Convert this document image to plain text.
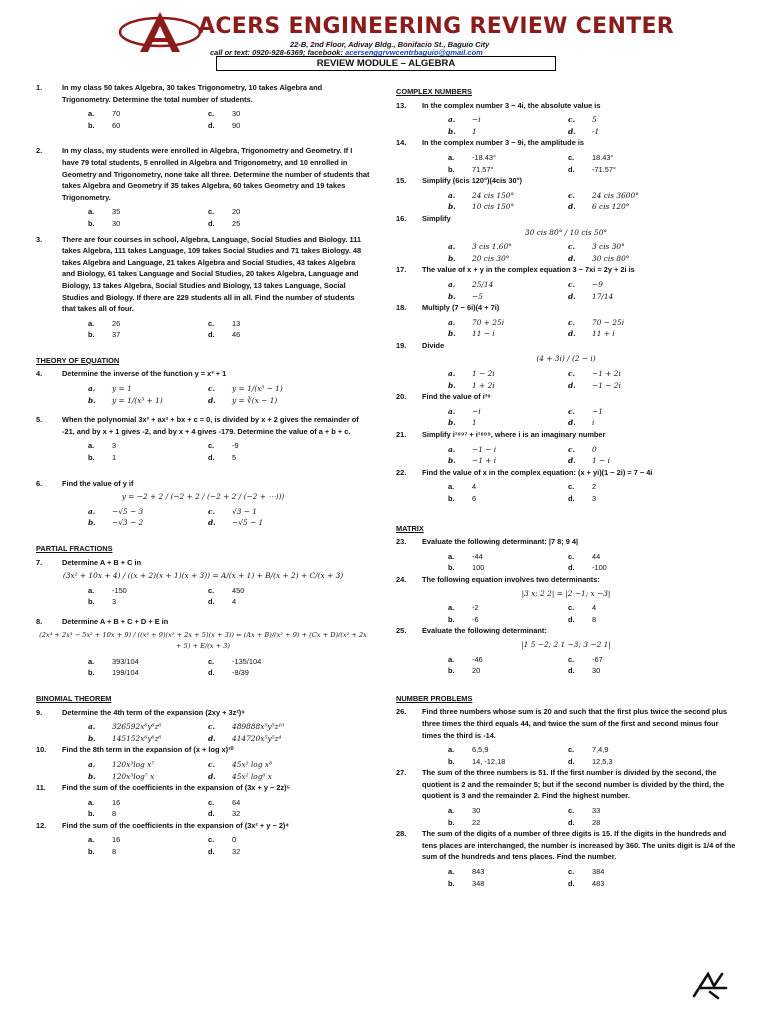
ACERS ENGINEERING REVIEW CENTER
22-B, 2nd Floor, Adivay Bldg., Bonifacio St., Baguio City
call or text: 0920-928-6369; facebook: acersenggrvwcentrbaguio@gmail.com
REVIEW MODULE – ALGEBRA
1.	In my class 50 takes Algebra, 30 takes Trigonometry, 10 takes Algebra and Trigonometry. Determine the total number of students.
a.	70	c.	30
b.	60	d.	90
2.	In my class, my students were enrolled in Algebra, Trigonometry and Geometry. If I have 79 total students, 5 enrolled in Algebra and Trigonometry, and 10 enrolled in Geometry and Trigonometry, none take all three. Determine the number of students that takes Algebra and Geometry if 35 takes Algebra, 60 takes Geometry and 19 takes Trigonometry.
a.	35	c.	20
b.	30	d.	25
3.	There are four courses in school, Algebra, Language, Social Studies and Biology. 111 takes Algebra, 111 takes Language, 109 takes Social Studies and 71 takes Biology. 48 takes Algebra and Language, 21 takes Algebra and Social Studies, 43 takes Algebra and Biology, 61 takes Language and Social Studies, 20 takes Algebra, Language and Biology, 13 takes Algebra, Social Studies and Biology, 13 takes Language, Social Studies and Biology. If there are 229 students all in all. Find the number of students that takes all of four.
a.	26	c.	13
b.	37	d.	46
THEORY OF EQUATION
4.	Determine the inverse of the function y = x³ + 1
a.	y = 1	c.	y = 1/(x³ − 1)
b.	y = 1/(x³ + 1)	d.	y = ∛(x − 1)
5.	When the polynomial 3x³ + ax² + bx + c = 0, is divided by x + 2 gives the remainder of -21, and by x + 1 gives -2, and by x + 4 gives -179. Determine the value of a + b + c.
a.	3	c.	-9
b.	1	d.	5
6.	Find the value of y if
y = −2 + 2 / (−2 + 2 / (−2 + 2 / (−2 + ⋯)))
a.	−√5 − 3	c.	√3 − 1
b.	−√3 − 2	d.	−√5 − 1
PARTIAL FRACTIONS
7.	Determine A + B + C in
(3x² + 10x + 4) / ((x + 2)(x + 1)(x + 3)) = A/(x + 1) + B/(x + 2) + C/(x + 3)
a.	-150	c.	450
b.	3	d.	4
8.	Determine A + B + C + D + E in
(2x⁴ + 2x³ − 5x² + 10x + 9) / ((x² + 9)(x² + 2x + 5)(x + 3)) = (Ax + B)/(x² + 9) + (Cx + D)/(x² + 2x + 5) + E/(x + 3)
a.	393/104	c.	-135/104
b.	199/104	d.	-8/39
BINOMIAL THEOREM
9.	Determine the 4th term of the expansion (2xy + 3z²)⁹
a.	326592x⁶y⁶z⁶	c.	489888x⁵y⁵z¹⁰
b.	145152x⁶y⁶z⁶	d.	414720x⁵y⁵z⁴
10. Find the 8th term in the expansion of (x + log x)¹⁰
a.	120x³log x⁷	c.	45x² log x⁸
b.	120x³log⁷ x	d.	45x² log⁸ x
11. Find the sum of the coefficients in the expansion of (3x + y − 2z)⁵
a.	16	c.	64
b.	8	d.	32
12. Find the sum of the coefficients in the expansion of (3x² + y − 2)⁴
a.	16	c.	0
b.	8	d.	32
COMPLEX NUMBERS
13. In the complex number 3 − 4i, the absolute value is
a.	−i	c.	5
b.	1	d.	-1
14. In the complex number 3 − 9i, the amplitude is
a.	-18.43°	c.	18.43°
b.	71.57°	d.	-71.57°
15. Simplify (6cis 120°)(4cis 30°)
a.	24 cis 150°	c.	24 cis 3600°
b.	10 cis 150°	d.	6 cis 120°
16. Simplify
30 cis 80° / 10 cis 50°
a.	3 cis 1.60°	c.	3 cis 30°
b.	20 cis 30°	d.	30 cis 80°
17. The value of x + y in the complex equation 3 − 7xi = 2y + 2i is
a.	25/14	c.	−9
b.	−5	d.	17/14
18. Multiply (7 − 6i)(4 + 7i)
a.	70 + 25i	c.	70 − 25i
b.	11 − i	d.	11 + i
19. Divide
(4 + 3i) / (2 − i)
a.	1 − 2i	c.	−1 + 2i
b.	1 + 2i	d.	−1 − 2i
20. Find the value of i³⁹
a.	−i	c.	−1
b.	1	d.	i
21. Simplify i¹⁹⁹⁷ + i¹⁸⁹⁹, where i is an imaginary number
a.	−1 − i	c.	0
b.	−1 + i	d.	1 − i
22. Find the value of x in the complex equation: (x + yi)(1 − 2i) = 7 − 4i
a.	4	c.	2
b.	6	d.	3
MATRIX
23. Evaluate the following determinant: |7 8; 9 4|
a.	-44	c.	44
b.	100	d.	-100
24. The following equation involves two determinants:
|3 x; 2 2| = |2 −1; x −3|
a.	-2	c.	4
b.	-6	d.	8
25. Evaluate the following determinant:
|1 5 −2; 2 1 −3; 3 −2 1|
a.	-46	c.	-67
b.	20	d.	30
NUMBER PROBLEMS
26. Find three numbers whose sum is 20 and such that the first plus twice the second plus three times the third equals 44, and twice the sum of the first and second minus four times the third is -14.
a.	6,5,9	c.	7,4,9
b.	14, -12,18	d.	12,5,3
27. The sum of the three numbers is 51. If the first number is divided by the second, the quotient is 2 and the remainder 5; but if the second number is divided by the third, the quotient is 3 and the remainder 2. Find the highest number.
a.	30	c.	33
b.	22	d.	28
28. The sum of the digits of a number of three digits is 15. If the digits in the hundreds and tens places are interchanged, the number is increased by 360. The units digit is 1/4 of the sum of the hundreds and tens places. Find the number.
a.	843	c.	384
b.	348	d.	483
